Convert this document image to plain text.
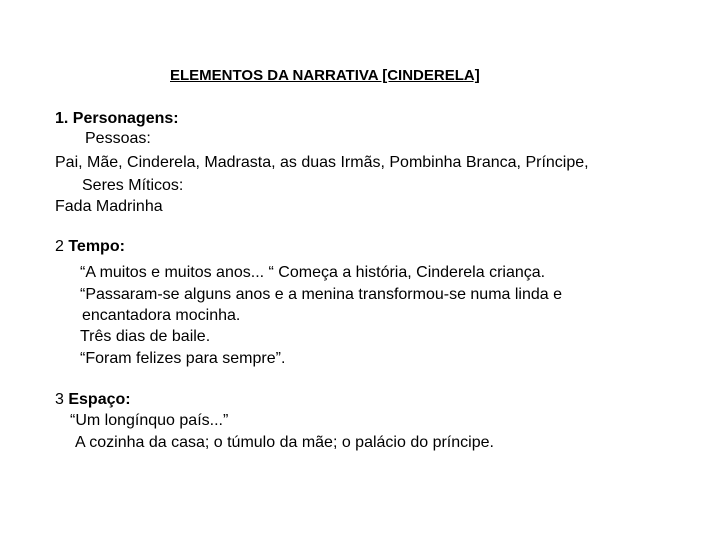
ELEMENTOS DA NARRATIVA [CINDERELA]
1. Personagens:
Pessoas:
Pai, Mãe, Cinderela, Madrasta, as duas Irmãs, Pombinha Branca, Príncipe,
Seres Míticos:
Fada Madrinha
2 Tempo:
“A muitos e muitos anos... “ Começa a história, Cinderela criança.
“Passaram-se alguns anos e a menina transformou-se numa linda e
encantadora mocinha.
Três dias de baile.
“Foram felizes para sempre”.
3 Espaço:
“Um longínquo país...”
A cozinha da casa; o túmulo da mãe; o palácio do príncipe.
